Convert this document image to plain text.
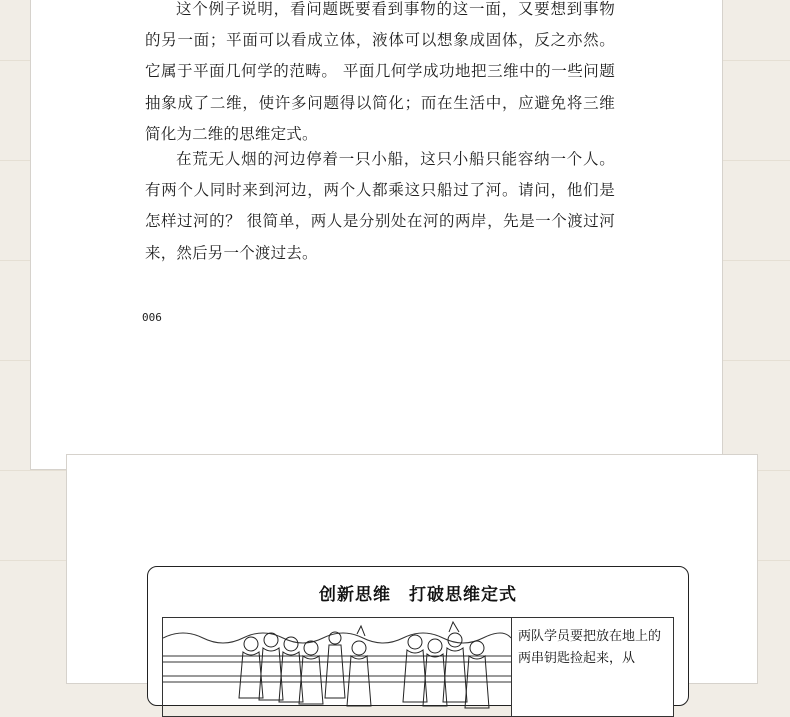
这个例子说明，看问题既要看到事物的这一面，又要想到事物的另一面；平面可以看成立体，液体可以想象成固体，反之亦然。 它属于平面几何学的范畴。 平面几何学成功地把三维中的一些问题抽象成了二维，使许多问题得以简化；而在生活中，应避免将三维简化为二维的思维定式。

在荒无人烟的河边停着一只小船，这只小船只能容纳一个人。 有两个人同时来到河边，两个人都乘这只船过了河。请问，他们是怎样过河的？ 很简单，两人是分别处在河的两岸，先是一个渡过河来，然后另一个渡过去。

006
创新思维　打破思维定式
两队学员要把放在地上的两串钥匙捡起来，从
